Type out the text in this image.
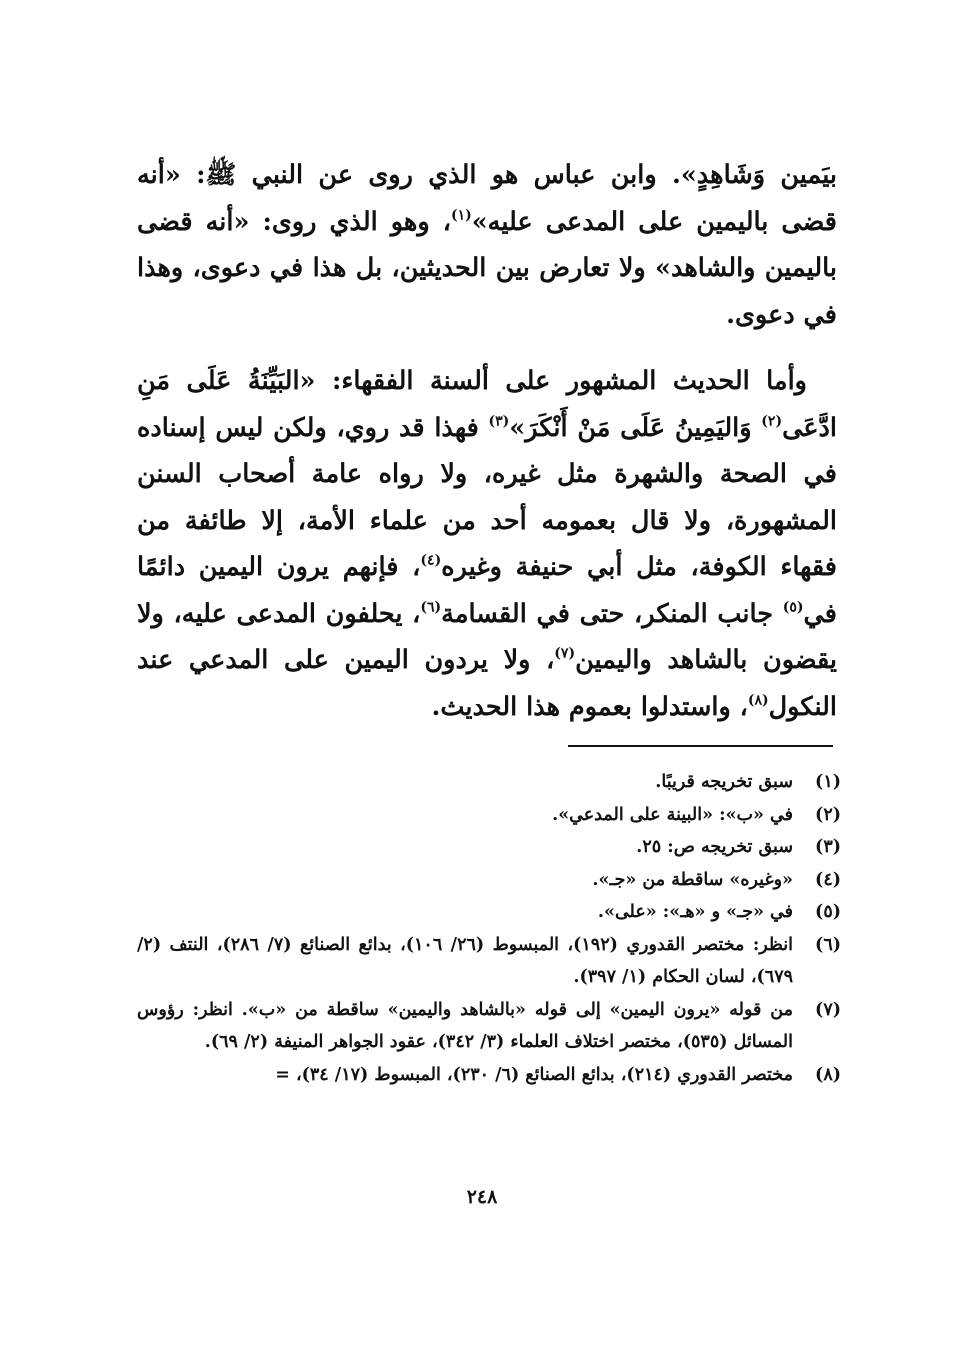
بيَمين وَشَاهِدٍ». وابن عباس هو الذي روى عن النبي ﷺ: «أنه قضى باليمين على المدعى عليه»$^{(١)}$، وهو الذي روى: «أنه قضى باليمين والشاهد» ولا تعارض بين الحديثين، بل هذا في دعوى، وهذا في دعوى.

وأما الحديث المشهور على ألسنة الفقهاء: «البَيِّنَةُ عَلَى مَنِ ادَّعَى$^{(٢)}$ وَاليَمِينُ عَلَى مَنْ أَنْكَرَ»$^{(٣)}$ فهذا قد روي، ولكن ليس إسناده في الصحة والشهرة مثل غيره، ولا رواه عامة أصحاب السنن المشهورة، ولا قال بعمومه أحد من علماء الأمة، إلا طائفة من فقهاء الكوفة، مثل أبي حنيفة وغيره$^{(٤)}$، فإنهم يرون اليمين دائمًا في$^{(٥)}$ جانب المنكر، حتى في القسامة$^{(٦)}$، يحلفون المدعى عليه، ولا يقضون بالشاهد واليمين$^{(٧)}$، ولا يردون اليمين على المدعي عند النكول$^{(٨)}$، واستدلوا بعموم هذا الحديث.

(١)
سبق تخريجه قريبًا.
(٢)
في «ب»: «البينة على المدعي».
(٣)
سبق تخريجه ص: ٢٥.
(٤)
«وغيره» ساقطة من «جـ».
(٥)
في «جـ» و «هـ»: «على».
(٦)
انظر: مختصر القدوري (١٩٢)، المبسوط (٢٦/ ١٠٦)، بدائع الصنائع (٧/ ٢٨٦)، النتف (٢/ ٦٧٩)، لسان الحكام (١/ ٣٩٧).
(٧)
من قوله «يرون اليمين» إلى قوله «بالشاهد واليمين» ساقطة من «ب». انظر: رؤوس المسائل (٥٣٥)، مختصر اختلاف العلماء (٣/ ٣٤٢)، عقود الجواهر المنيفة (٢/ ٦٩).
(٨)
مختصر القدوري (٢١٤)، بدائع الصنائع (٦/ ٢٣٠)، المبسوط (١٧/ ٣٤)، =
٢٤٨
